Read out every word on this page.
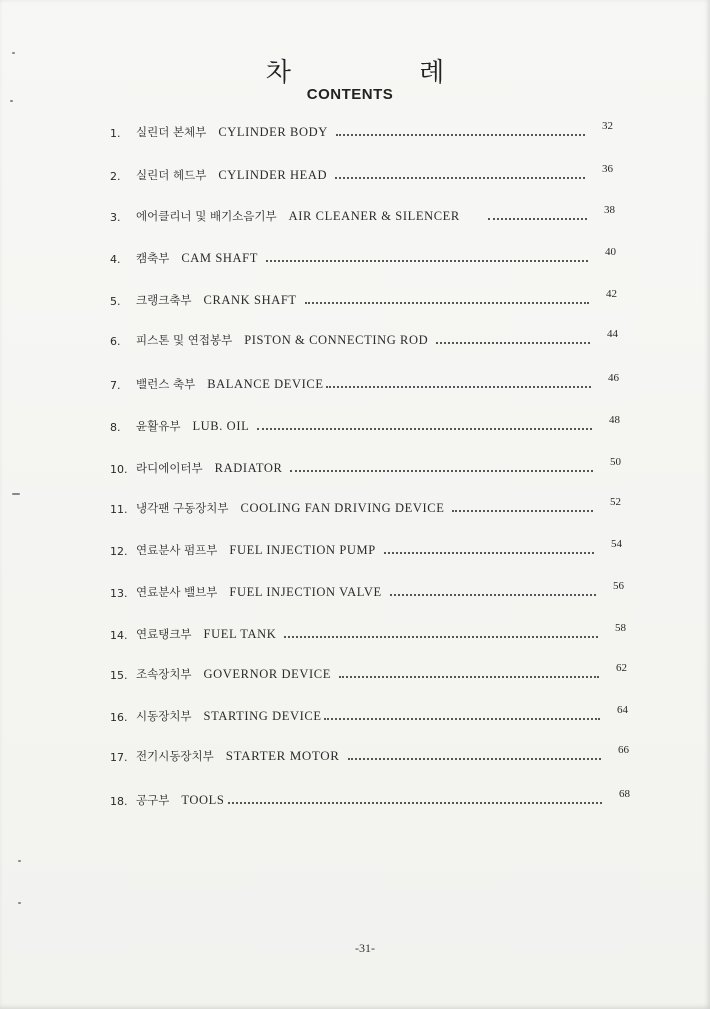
차 례
CONTENTS
1.	실린더 본체부 CYLINDER BODY	32
2.	실린더 헤드부 CYLINDER HEAD	36
3.	에어클리너 및 배기소음기부 AIR CLEANER & SILENCER	38
4.	캠축부 CAM SHAFT	40
5.	크랭크축부 CRANK SHAFT	42
6.	피스톤 및 연접봉부 PISTON & CONNECTING ROD	44
7.	밸런스 축부 BALANCE DEVICE	46
8.	윤활유부 LUB. OIL	48
10. 라디에이터부 RADIATOR	50
11. 냉각팬 구동장치부 COOLING FAN DRIVING DEVICE	52
12. 연료분사 펌프부 FUEL INJECTION PUMP	54
13. 연료분사 밸브부 FUEL INJECTION VALVE	56
14. 연료탱크부 FUEL TANK	58
15. 조속장치부 GOVERNOR DEVICE	62
16. 시동장치부 STARTING DEVICE	64
17. 전기시동장치부 STARTER MOTOR	66
18. 공구부 TOOLS	68
-31-
